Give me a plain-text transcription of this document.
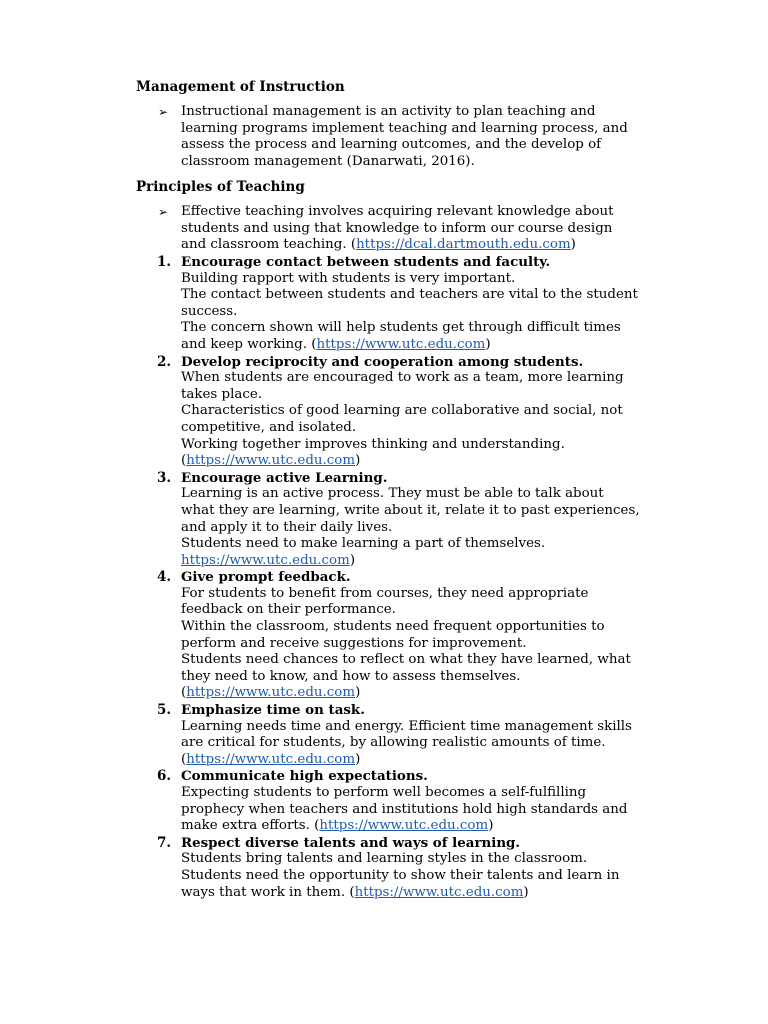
Management of Instruction
➢ Instructional management is an activity to plan teaching and
learning programs implement teaching and learning process, and
assess the process and learning outcomes, and the develop of
classroom management (Danarwati, 2016).
Principles of Teaching
➢ Effective teaching involves acquiring relevant knowledge about
students and using that knowledge to inform our course design
and classroom teaching. (https://dcal.dartmouth.edu.com)
1. Encourage contact between students and faculty.
Building rapport with students is very important.
The contact between students and teachers are vital to the student
success.
The concern shown will help students get through difficult times
and keep working. (https://www.utc.edu.com)
2. Develop reciprocity and cooperation among students.
When students are encouraged to work as a team, more learning
takes place.
Characteristics of good learning are collaborative and social, not
competitive, and isolated.
Working together improves thinking and understanding.
(https://www.utc.edu.com)
3. Encourage active Learning.
Learning is an active process. They must be able to talk about
what they are learning, write about it, relate it to past experiences,
and apply it to their daily lives.
Students need to make learning a part of themselves.
https://www.utc.edu.com)
4. Give prompt feedback.
For students to benefit from courses, they need appropriate
feedback on their performance.
Within the classroom, students need frequent opportunities to
perform and receive suggestions for improvement.
Students need chances to reflect on what they have learned, what
they need to know, and how to assess themselves.
(https://www.utc.edu.com)
5. Emphasize time on task.
Learning needs time and energy. Efficient time management skills
are critical for students, by allowing realistic amounts of time.
(https://www.utc.edu.com)
6. Communicate high expectations.
Expecting students to perform well becomes a self-fulfilling
prophecy when teachers and institutions hold high standards and
make extra efforts. (https://www.utc.edu.com)
7. Respect diverse talents and ways of learning.
Students bring talents and learning styles in the classroom.
Students need the opportunity to show their talents and learn in
ways that work in them. (https://www.utc.edu.com)
